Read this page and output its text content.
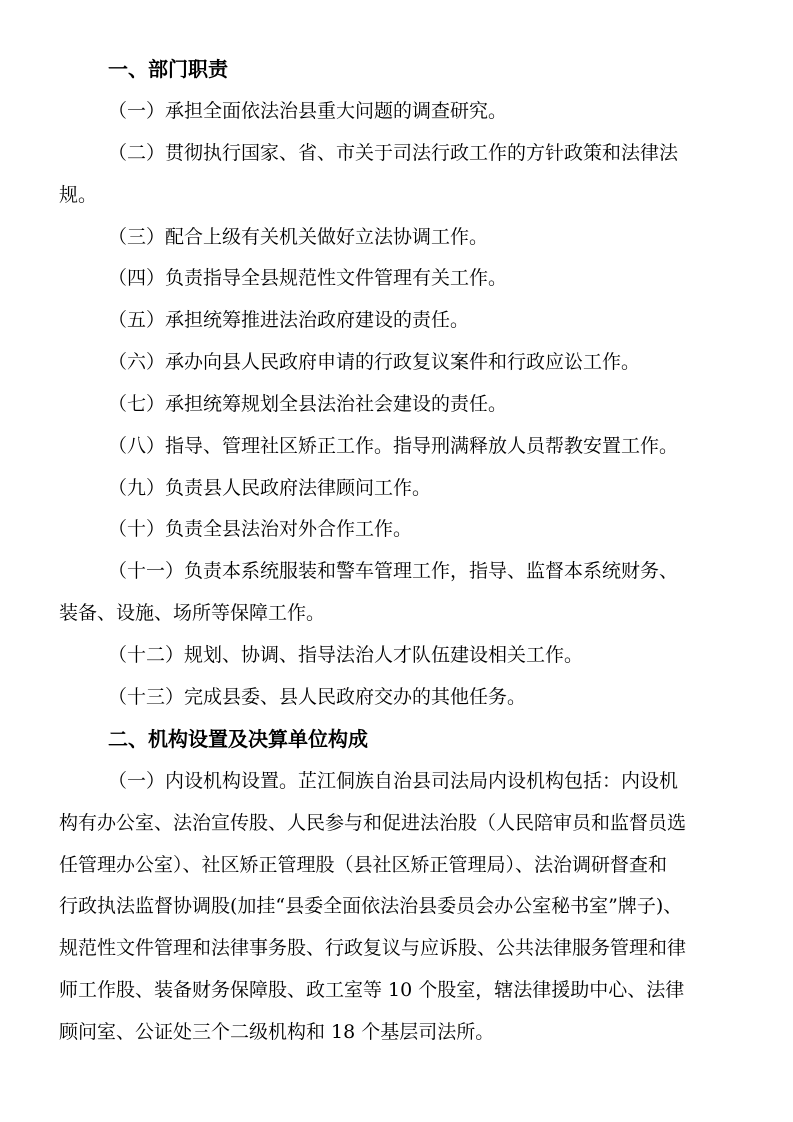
一、部门职责
（一）承担全面依法治县重大问题的调查研究。
（二）贯彻执行国家、省、市关于司法行政工作的方针政策和法律法
规。
（三）配合上级有关机关做好立法协调工作。
（四）负责指导全县规范性文件管理有关工作。
（五）承担统筹推进法治政府建设的责任。
（六）承办向县人民政府申请的行政复议案件和行政应讼工作。
（七）承担统筹规划全县法治社会建设的责任。
（八）指导、管理社区矫正工作。指导刑满释放人员帮教安置工作。
（九）负责县人民政府法律顾问工作。
（十）负责全县法治对外合作工作。
（十一）负责本系统服装和警车管理工作，指导、监督本系统财务、
装备、设施、场所等保障工作。
（十二）规划、协调、指导法治人才队伍建设相关工作。
（十三）完成县委、县人民政府交办的其他任务。
二、机构设置及决算单位构成
（一）内设机构设置。芷江侗族自治县司法局内设机构包括：内设机
构有办公室、法治宣传股、人民参与和促进法治股（人民陪审员和监督员选
任管理办公室）、社区矫正管理股（县社区矫正管理局）、法治调研督查和
行政执法监督协调股(加挂“县委全面依法治县委员会办公室秘书室”牌子)、
规范性文件管理和法律事务股、行政复议与应诉股、公共法律服务管理和律
师工作股、装备财务保障股、政工室等 10 个股室，辖法律援助中心、法律
顾问室、公证处三个二级机构和 18 个基层司法所。
